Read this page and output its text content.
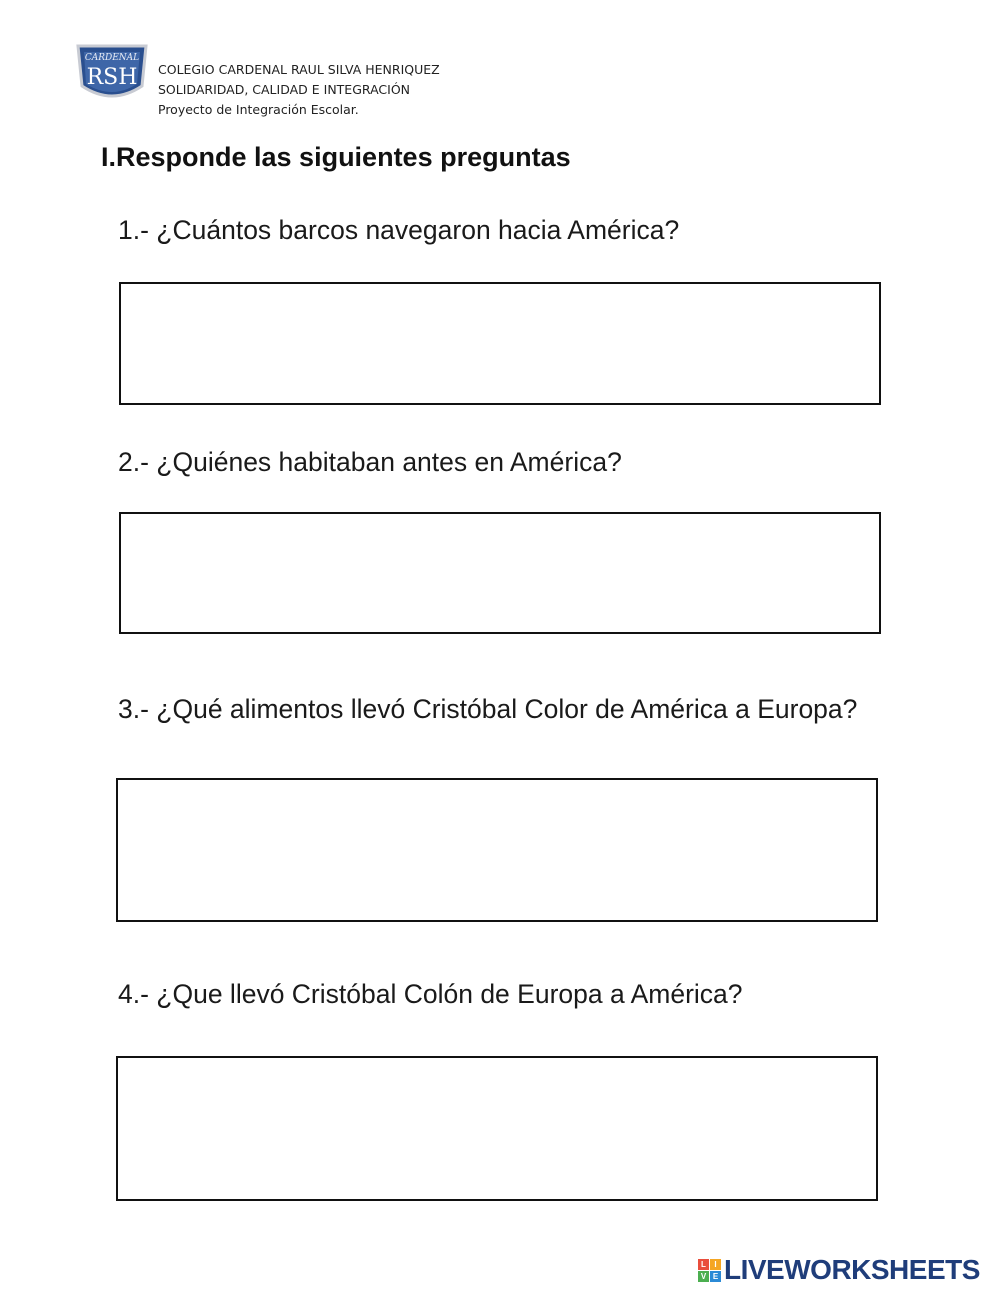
CARDENAL
RSH COLEGIO CARDENAL RAUL SILVA HENRIQUEZ
SOLIDARIDAD, CALIDAD E INTEGRACIÓN
Proyecto de Integración Escolar.
I.Responde las siguientes preguntas
1.- ¿Cuántos barcos navegaron hacia América?
2.- ¿Quiénes habitaban antes en América?
3.- ¿Qué alimentos llevó Cristóbal Color de América a Europa?
4.- ¿Que llevó Cristóbal Colón de Europa a América?
L	I
V E LIVEWORKSHEETS
